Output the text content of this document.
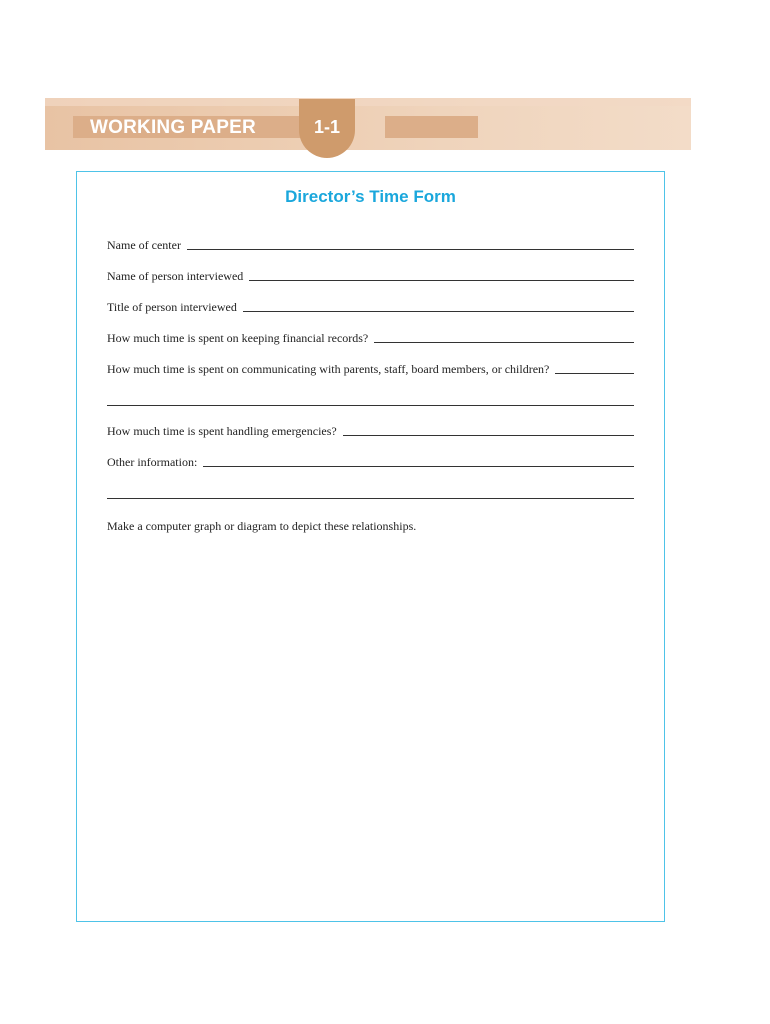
WORKING PAPER	1-1
Director’s Time Form
Name of center
Name of person interviewed
Title of person interviewed
How much time is spent on keeping financial records?
How much time is spent on communicating with parents, staff, board members, or children?
How much time is spent handling emergencies?
Other information:
Make a computer graph or diagram to depict these relationships.
